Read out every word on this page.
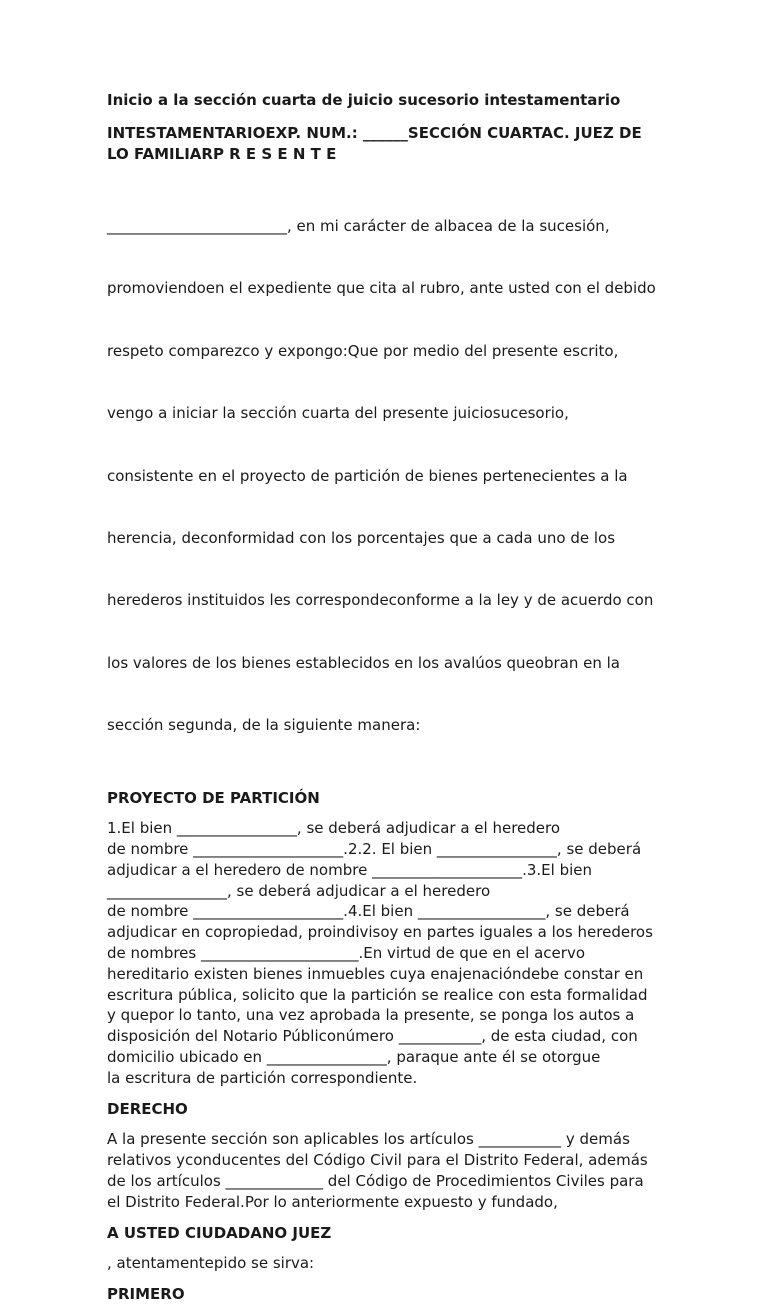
Inicio a la sección cuarta de juicio sucesorio intestamentario

INTESTAMENTARIOEXP. NUM.: ______SECCIÓN CUARTAC. JUEZ DE
LO FAMILIARP R E S E N T E

________________________, en mi carácter de albacea de la sucesión,

promoviendoen el expediente que cita al rubro, ante usted con el debido

respeto comparezco y expongo:Que por medio del presente escrito,

vengo a iniciar la sección cuarta del presente juiciosucesorio,

consistente en el proyecto de partición de bienes pertenecientes a la

herencia, deconformidad con los porcentajes que a cada uno de los

herederos instituidos les correspondeconforme a la ley y de acuerdo con

los valores de los bienes establecidos en los avalúos queobran en la

sección segunda, de la siguiente manera:

PROYECTO DE PARTICIÓN

1.El bien ________________, se deberá adjudicar a el heredero
de nombre ____________________.2.2. El bien ________________, se deberá
adjudicar a el heredero de nombre ____________________.3.El bien
________________, se deberá adjudicar a el heredero
de nombre ____________________.4.El bien _________________, se deberá
adjudicar en copropiedad, proindivisoy en partes iguales a los herederos
de nombres _____________________.En virtud de que en el acervo
hereditario existen bienes inmuebles cuya enajenacióndebe constar en
escritura pública, solicito que la partición se realice con esta formalidad
y quepor lo tanto, una vez aprobada la presente, se ponga los autos a
disposición del Notario Públiconúmero ___________, de esta ciudad, con
domicilio ubicado en ________________, paraque ante él se otorgue
la escritura de partición correspondiente.

DERECHO

A la presente sección son aplicables los artículos ___________ y demás
relativos yconducentes del Código Civil para el Distrito Federal, además
de los artículos _____________ del Código de Procedimientos Civiles para
el Distrito Federal.Por lo anteriormente expuesto y fundado,

A USTED CIUDADANO JUEZ

, atentamentepido se sirva:

PRIMERO
